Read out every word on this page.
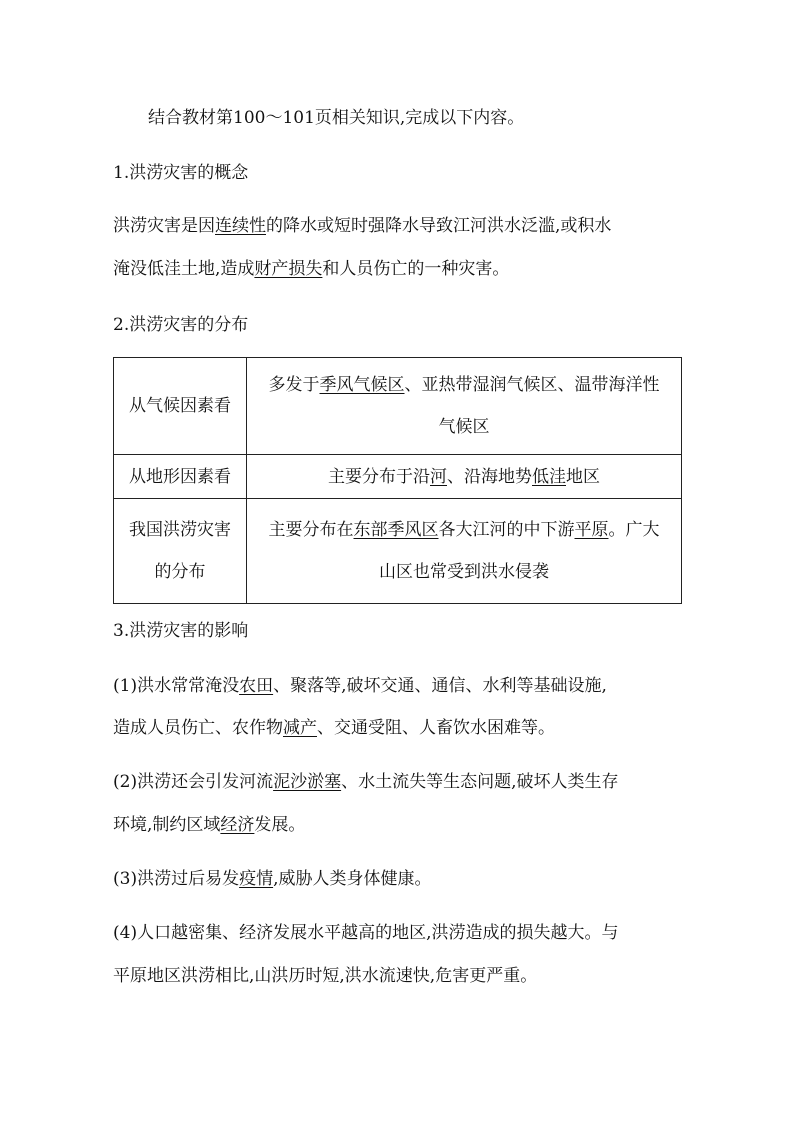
结合教材第100～101页相关知识,完成以下内容。

1.洪涝灾害的概念

洪涝灾害是因连续性的降水或短时强降水导致江河洪水泛滥,或积水

淹没低洼土地,造成财产损失和人员伤亡的一种灾害。

2.洪涝灾害的分布

从气候因素看	多发于季风气候区、亚热带湿润气候区、温带海洋性
气候区

从地形因素看	主要分布于沿河、沿海地势低洼地区

我国洪涝灾害
的分布	主要分布在东部季风区各大江河的中下游平原。广大
山区也常受到洪水侵袭

3.洪涝灾害的影响

(1)洪水常常淹没农田、聚落等,破坏交通、通信、水利等基础设施,

造成人员伤亡、农作物减产、交通受阻、人畜饮水困难等。

(2)洪涝还会引发河流泥沙淤塞、水土流失等生态问题,破坏人类生存

环境,制约区域经济发展。

(3)洪涝过后易发疫情,威胁人类身体健康。

(4)人口越密集、经济发展水平越高的地区,洪涝造成的损失越大。与

平原地区洪涝相比,山洪历时短,洪水流速快,危害更严重。
